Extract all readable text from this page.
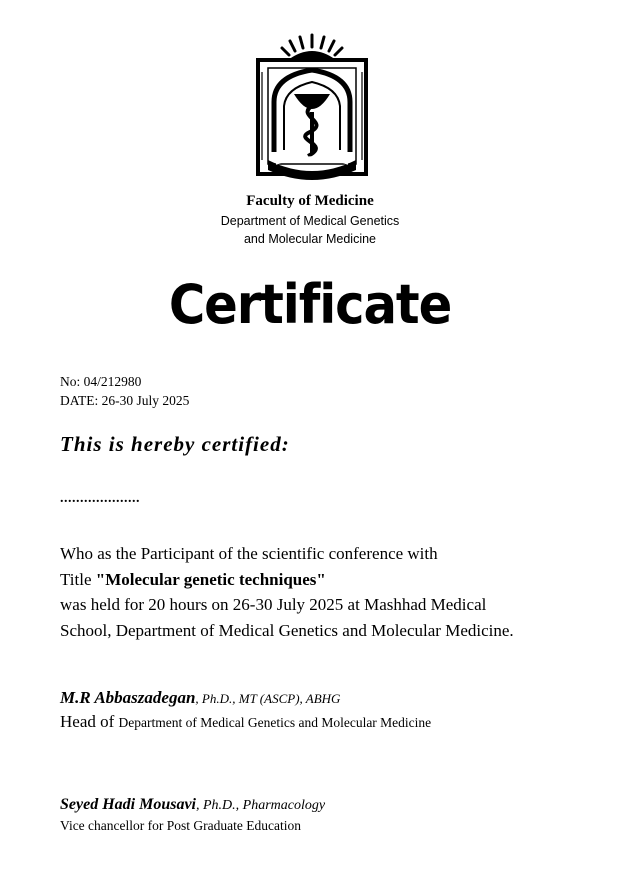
Faculty of Medicine
Department of Medical Genetics
and Molecular Medicine
Certificate
No: 04/212980
DATE: 26-30 July 2025
This is hereby certified:
....................
Who as the Participant of the scientific conference with
Title "Molecular genetic techniques"
was held for 20 hours on 26-30 July 2025 at Mashhad Medical
School, Department of Medical Genetics and Molecular Medicine.
M.R Abbaszadegan, Ph.D., MT (ASCP), ABHG
Head of Department of Medical Genetics and Molecular Medicine
Seyed Hadi Mousavi, Ph.D., Pharmacology
Vice chancellor for Post Graduate Education
